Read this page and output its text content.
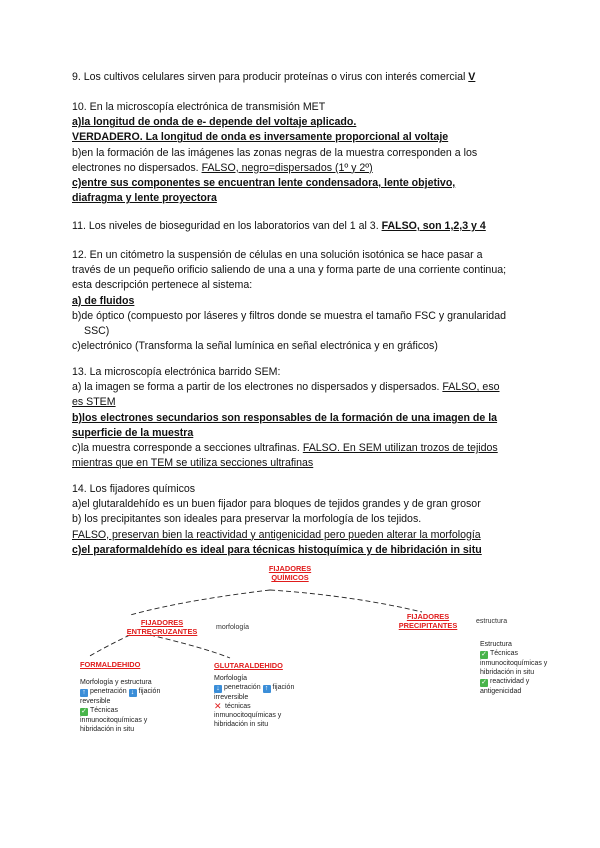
9. Los cultivos celulares sirven para producir proteínas o virus con interés comercial V

10. En la microscopía electrónica de transmisión MET

a)la longitud de onda de e- depende del voltaje aplicado.

VERDADERO. La longitud de onda es inversamente proporcional al voltaje

b)en la formación de las imágenes las zonas negras de la muestra corresponden a los

electrones no dispersados. FALSO, negro=dispersados (1º y 2º)

c)entre sus componentes se encuentran lente condensadora, lente objetivo,

diafragma y lente proyectora

11. Los niveles de bioseguridad en los laboratorios van del 1 al 3. FALSO, son 1,2,3 y 4

12. En un citómetro la suspensión de células en una solución isotónica se hace pasar a

través de un pequeño orificio saliendo de una a una y forma parte de una corriente continua;

esta descripción pertenece al sistema:

a) de fluidos

b)de óptico (compuesto por láseres y filtros donde se muestra el tamaño FSC y granularidad

SSC)

c)electrónico (Transforma la señal lumínica en señal electrónica y en gráficos)

13. La microscopía electrónica barrido SEM:

a) la imagen se forma a partir de los electrones no dispersados y dispersados. FALSO, eso

es STEM

b)los electrones secundarios son responsables de la formación de una imagen de la

superficie de la muestra

c)la muestra corresponde a secciones ultrafinas. FALSO. En SEM utilizan trozos de tejidos

mientras que en TEM se utiliza secciones ultrafinas

14. Los fijadores químicos

a)el glutaraldehído es un buen fijador para bloques de tejidos grandes y de gran grosor

b) los precipitantes son ideales para preservar la morfología de los tejidos.

FALSO, preservan bien la reactividad y antigenicidad pero pueden alterar la morfología

c)el paraformaldehído es ideal para técnicas histoquímica y de hibridación in situ

FIJADORES
QUÍMICOS
FIJADORES
ENTRECRUZANTES	morfología
FIJADORES
PRECIPITANTES	estructura
Estructura
✓ Técnicas
inmunocitoquímicas y
hibridación in situ
✓ reactividad y
antigenicidad
FORMALDEHIDO
Morfología y estructura
↑ penetración ↓ fijación
reversible
✓ Técnicas
inmunocitoquímicas y
hibridación in situ
GLUTARALDEHIDO
Morfología
↓ penetración ↑ fijación
irreversible
✕ técnicas
inmunocitoquímicas y
hibridación in situ
